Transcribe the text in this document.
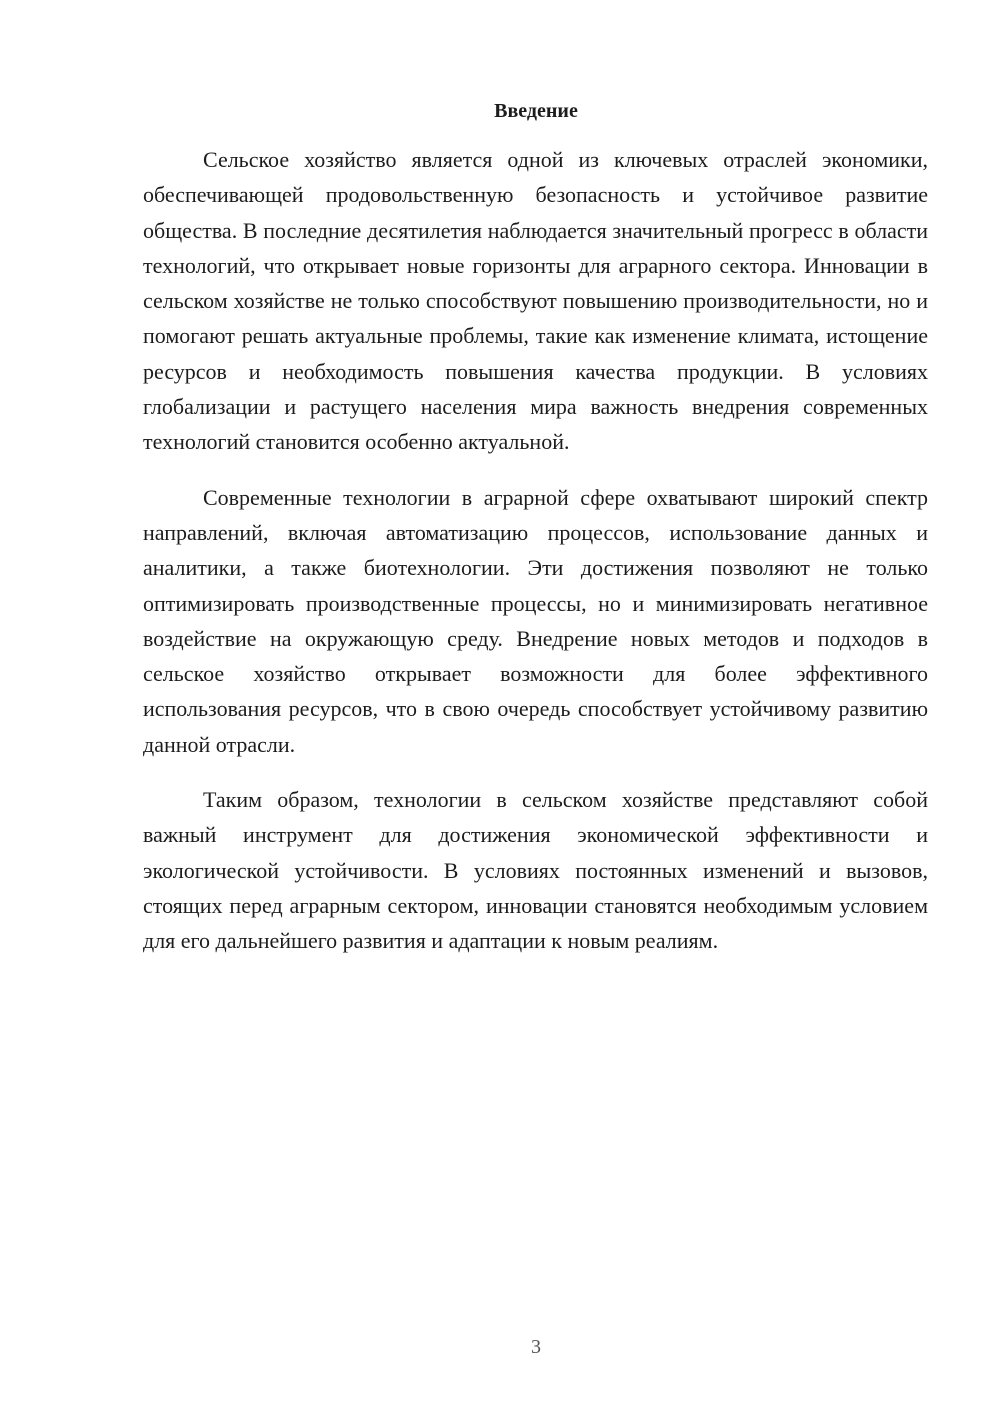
Введение

Сельское хозяйство является одной из ключевых отраслей экономики, обеспечивающей продовольственную безопасность и устойчивое развитие общества. В последние десятилетия наблюдается значительный прогресс в области технологий, что открывает новые горизонты для аграрного сектора. Инновации в сельском хозяйстве не только способствуют повышению производительности, но и помогают решать актуальные проблемы, такие как изменение климата, истощение ресурсов и необходимость повышения качества продукции. В условиях глобализации и растущего населения мира важность внедрения современных технологий становится особенно актуальной.

Современные технологии в аграрной сфере охватывают широкий спектр направлений, включая автоматизацию процессов, использование данных и аналитики, а также биотехнологии. Эти достижения позволяют не только оптимизировать производственные процессы, но и минимизировать негативное воздействие на окружающую среду. Внедрение новых методов и подходов в сельское хозяйство открывает возможности для более эффективного использования ресурсов, что в свою очередь способствует устойчивому развитию данной отрасли.

Таким образом, технологии в сельском хозяйстве представляют собой важный инструмент для достижения экономической эффективности и экологической устойчивости. В условиях постоянных изменений и вызовов, стоящих перед аграрным сектором, инновации становятся необходимым условием для его дальнейшего развития и адаптации к новым реалиям.

3
